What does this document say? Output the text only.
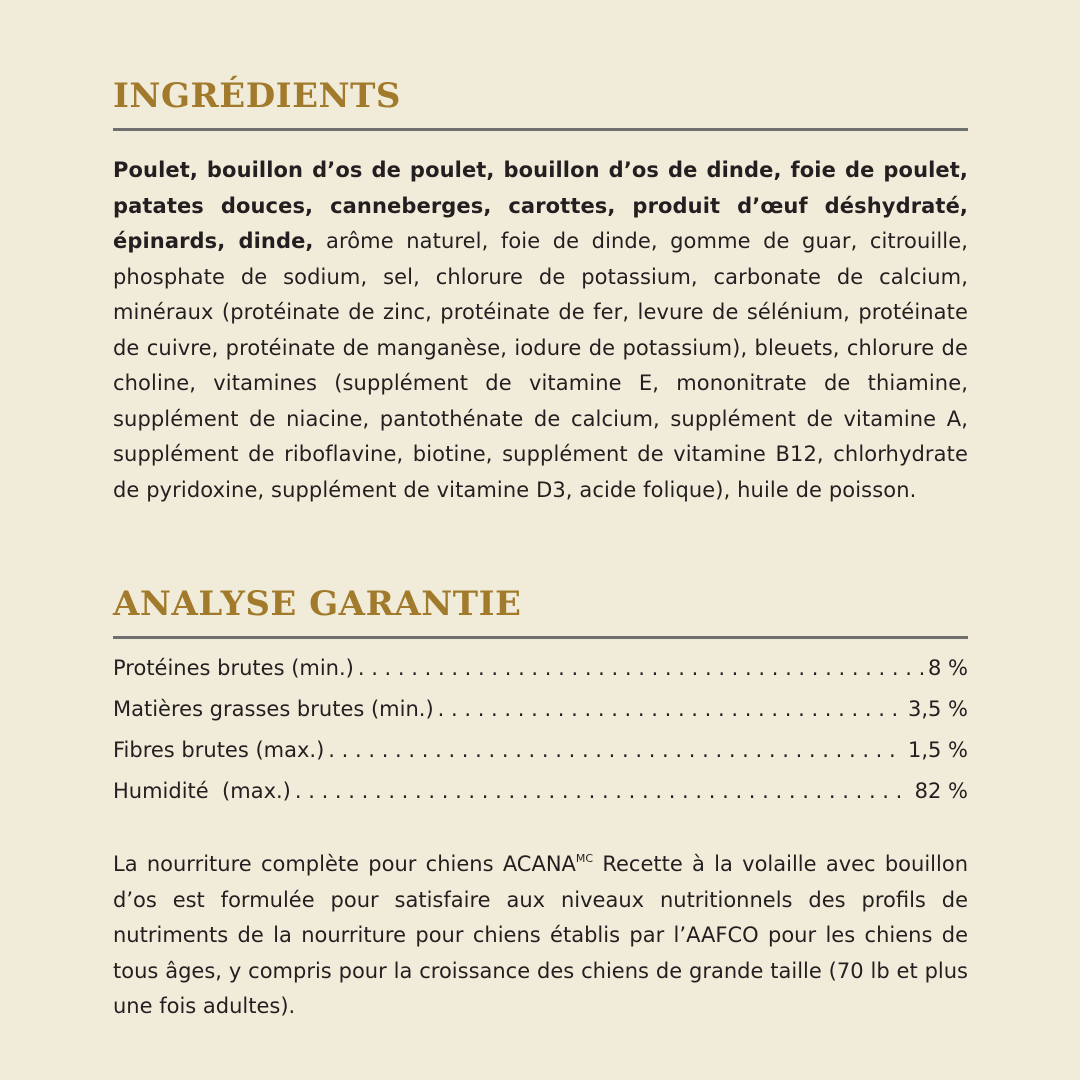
INGRÉDIENTS

Poulet, bouillon d’os de poulet, bouillon d’os de dinde, foie de poulet, patates douces, canneberges, carottes, produit d’œuf déshydraté, épinards, dinde, arôme naturel, foie de dinde, gomme de guar, citrouille, phosphate de sodium, sel, chlorure de potassium, carbonate de calcium, minéraux (protéinate de zinc, protéinate de fer, levure de sélénium, protéinate de cuivre, protéinate de manganèse, iodure de potassium), bleuets, chlorure de choline, vitamines (supplément de vitamine E, mononitrate de thiamine, supplément de niacine, pantothénate de calcium, supplément de vitamine A, supplément de riboflavine, biotine, supplément de vitamine B12, chlorhydrate de pyridoxine, supplément de vitamine D3, acide folique), huile de poisson.

ANALYSE GARANTIE
Protéines brutes (min.) . . .	8 %
Matières grasses brutes (min.) . . .	3,5 %
Fibres brutes (max.) . . .	1,5 %
Humidité  (max.) . . .	82 %

La nourriture complète pour chiens $ACANA^{MC}$ Recette à la volaille avec bouillon d’os est formulée pour satisfaire aux niveaux nutritionnels des profils de nutriments de la nourriture pour chiens établis par l’AAFCO pour les chiens de tous âges, y compris pour la croissance des chiens de grande taille (70 lb et plus une fois adultes).
